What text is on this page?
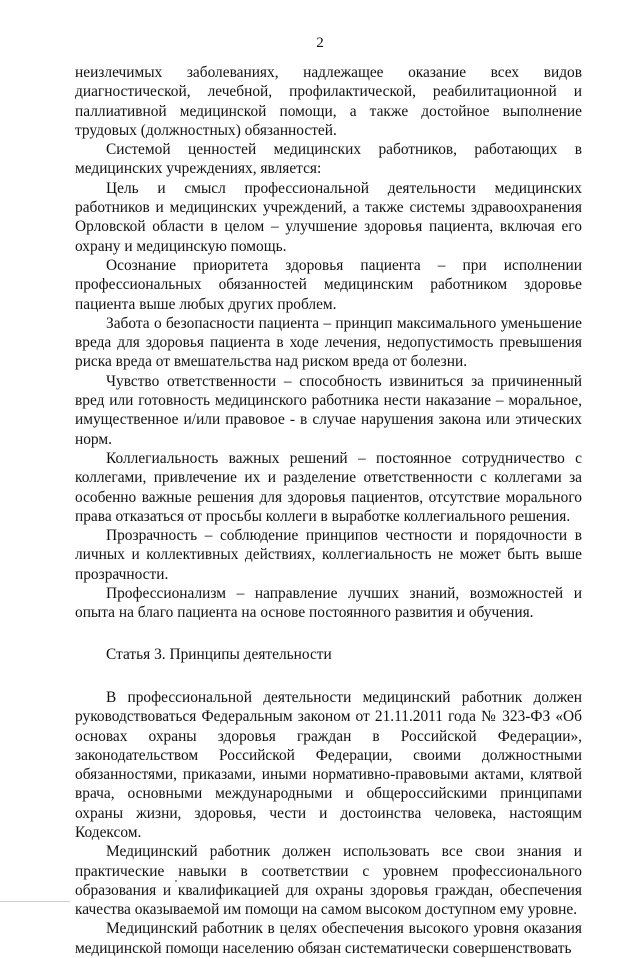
2

неизлечимых заболеваниях, надлежащее оказание всех видов диагностической, лечебной, профилактической, реабилитационной и паллиативной медицинской помощи, а также достойное выполнение трудовых (должностных) обязанностей.

Системой ценностей медицинских работников, работающих в медицинских учреждениях, является:

Цель и смысл профессиональной деятельности медицинских работников и медицинских учреждений, а также системы здравоохранения Орловской области в целом – улучшение здоровья пациента, включая его охрану и медицинскую помощь.

Осознание приоритета здоровья пациента – при исполнении профессиональных обязанностей медицинским работником здоровье пациента выше любых других проблем.

Забота о безопасности пациента – принцип максимального уменьшение вреда для здоровья пациента в ходе лечения, недопустимость превышения риска вреда от вмешательства над риском вреда от болезни.

Чувство ответственности – способность извиниться за причиненный вред или готовность медицинского работника нести наказание – моральное, имущественное и/или правовое - в случае нарушения закона или этических норм.

Коллегиальность важных решений – постоянное сотрудничество с коллегами, привлечение их и разделение ответственности с коллегами за особенно важные решения для здоровья пациентов, отсутствие морального права отказаться от просьбы коллеги в выработке коллегиального решения.

Прозрачность – соблюдение принципов честности и порядочности в личных и коллективных действиях, коллегиальность не может быть выше прозрачности.

Профессионализм – направление лучших знаний, возможностей и опыта на благо пациента на основе постоянного развития и обучения.

Статья 3. Принципы деятельности

В профессиональной деятельности медицинский работник должен руководствоваться Федеральным законом от 21.11.2011 года № 323-ФЗ «Об основах охраны здоровья граждан в Российской Федерации», законодательством Российской Федерации, своими должностными обязанностями, приказами, иными нормативно-правовыми актами, клятвой врача, основными международными и общероссийскими принципами охраны жизни, здоровья, чести и достоинства человека, настоящим Кодексом.

Медицинский работник должен использовать все свои знания и практические навыки в соответствии с уровнем профессионального образования и квалификацией для охраны здоровья граждан, обеспечения качества оказываемой им помощи на самом высоком доступном ему уровне.

Медицинский работник в целях обеспечения высокого уровня оказания медицинской помощи населению обязан систематически совершенствовать
